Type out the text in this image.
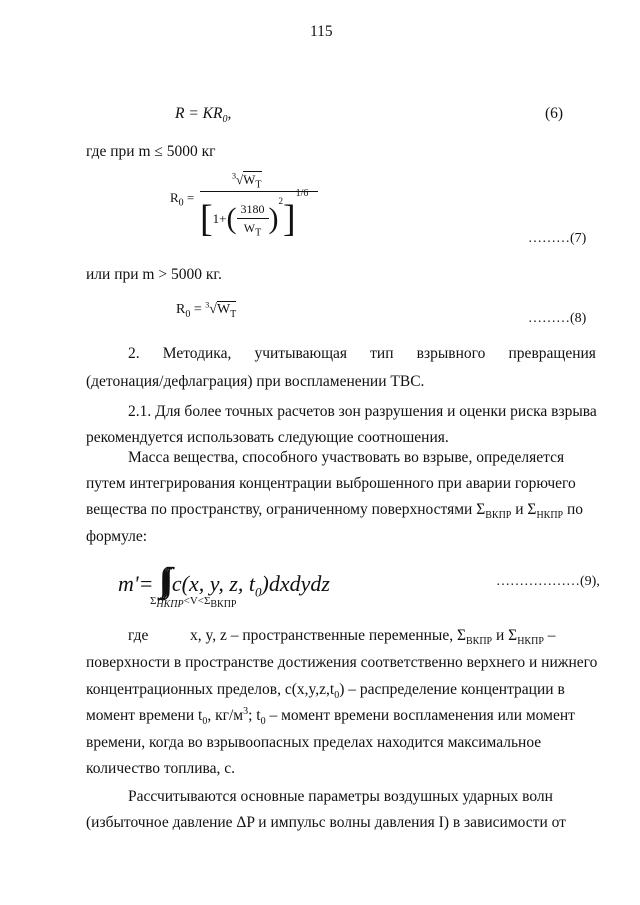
115
$R = KR_0$,	(6)
где при m ≤ 5000 кг
$R_0$ =
$^3√W_T$
$[1+( \frac{3180}{W_T} )^2]^{1/6}$
………(7)
или при m > 5000 кг.
$R_0 = ^3√W_T$	………(8)
2. Методика, учитывающая тип взрывного превращения
(детонация/дефлаграция) при воспламенении ТВС.
2.1. Для более точных расчетов зон разрушения и оценки риска взрыва
рекомендуется использовать следующие соотношения.
Масса вещества, способного участвовать во взрыве, определяется
путем интегрирования концентрации выброшенного при аварии горючего
вещества по пространству, ограниченному поверхностями $\Sigma_{ВКПР}$ и $\Sigma_{НКПР}$ по
формуле:
m'= ∫∫∫ c(x, y, z, $t_0)dxdydz$
$\Sigma_{НКПР}<V<\Sigma_{ВКПР}$
………………(9),
где	x, y, z – пространственные переменные, $\Sigma_{ВКПР}$ и $\Sigma_{НКПР}$ –
поверхности в пространстве достижения соответственно верхнего и нижнего
концентрационных пределов, $c(x,y,z,t_0)$ – распределение концентрации в
момент времени $t_0$, $кг/м^3$; $t_0$ – момент времени воспламенения или момент
времени, когда во взрывоопасных пределах находится максимальное
количество топлива, с.
Рассчитываются основные параметры воздушных ударных волн
(избыточное давление ΔP и импульс волны давления I) в зависимости от
